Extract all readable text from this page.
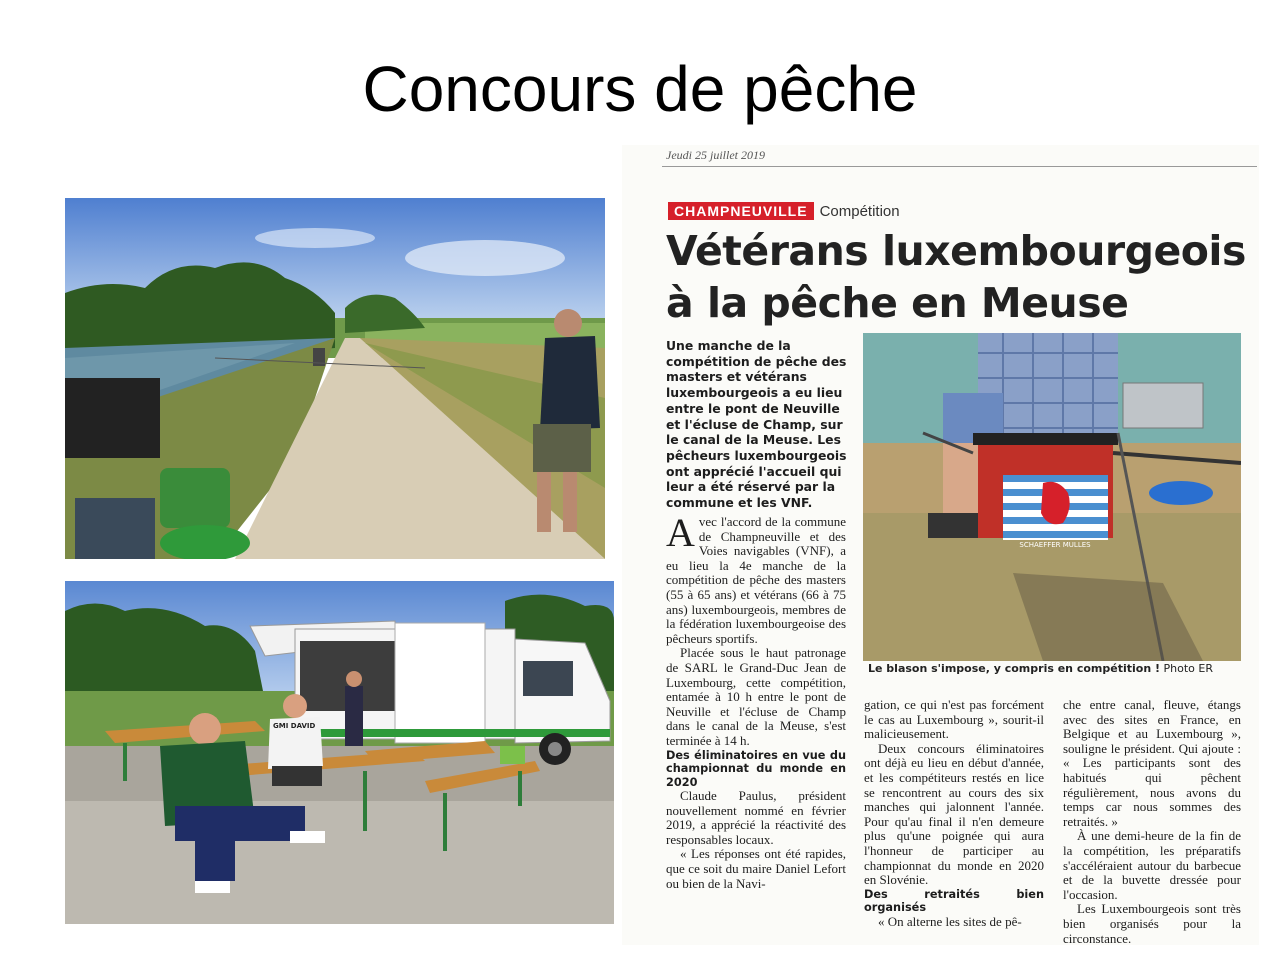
Concours de pêche
Jeudi 25 juillet 2019
CHAMPNEUVILLE Compétition
Vétérans luxembourgeois
à la pêche en Meuse
Une manche de la compétition de pêche des masters et vétérans luxembourgeois a eu lieu entre le pont de Neuville et l'écluse de Champ, sur le canal de la Meuse. Les pêcheurs luxembourgeois ont apprécié l'accueil qui leur a été réservé par la commune et les VNF.
SCHAEFFER MULLES
Le blason s'impose, y compris en compétition ! Photo ER

Avec l'accord de la commune de Champneuville et des Voies navigables (VNF), a eu lieu la 4e manche de la compétition de pêche des masters (55 à 65 ans) et vétérans (66 à 75 ans) luxembourgeois, membres de la fédération luxembourgeoise des pêcheurs sportifs.

Placée sous le haut patronage de SARL le Grand-Duc Jean de Luxembourg, cette compétition, entamée à 10 h entre le pont de Neuville et l'écluse de Champ dans le canal de la Meuse, s'est terminée à 14 h.

Des éliminatoires en vue du championnat du monde en 2020

Claude Paulus, président nouvellement nommé en février 2019, a apprécié la réactivité des responsables locaux.

« Les réponses ont été rapides, que ce soit du maire Daniel Lefort ou bien de la Navi-

gation, ce qui n'est pas forcément le cas au Luxembourg », sourit-il malicieusement.

Deux concours éliminatoires ont déjà eu lieu en début d'année, et les compétiteurs restés en lice se rencontrent au cours des six manches qui jalonnent l'année. Pour qu'au final il n'en demeure plus qu'une poignée qui aura l'honneur de participer au championnat du monde en 2020 en Slovénie.

Des retraités bien organisés

« On alterne les sites de pê-

che entre canal, fleuve, étangs avec des sites en France, en Belgique et au Luxembourg », souligne le président. Qui ajoute : « Les participants sont des habitués qui pêchent régulièrement, nous avons du temps car nous sommes des retraités. »

À une demi-heure de la fin de la compétition, les préparatifs s'accéléraient autour du barbecue et de la buvette dressée pour l'occasion.

Les Luxembourgeois sont très bien organisés pour la circonstance.

GMI DAVID
